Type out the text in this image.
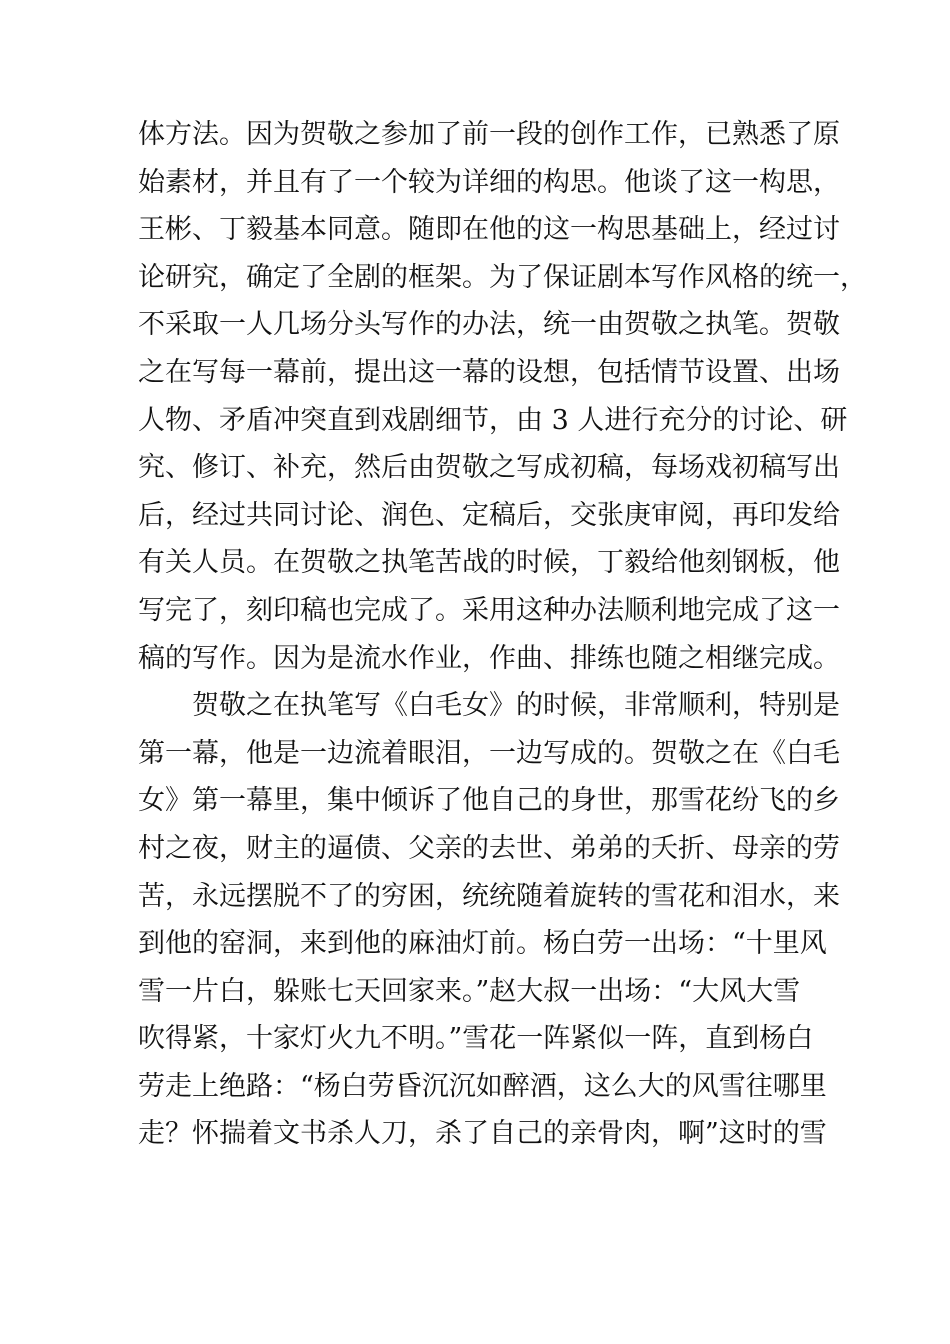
体方法。因为贺敬之参加了前一段的创作工作，已熟悉了原
始素材，并且有了一个较为详细的构思。他谈了这一构思，
王彬、丁毅基本同意。随即在他的这一构思基础上，经过讨
论研究，确定了全剧的框架。为了保证剧本写作风格的统一，
不采取一人几场分头写作的办法，统一由贺敬之执笔。贺敬
之在写每一幕前，提出这一幕的设想，包括情节设置、出场
人物、矛盾冲突直到戏剧细节，由 3 人进行充分的讨论、研
究、修订、补充，然后由贺敬之写成初稿，每场戏初稿写出
后，经过共同讨论、润色、定稿后，交张庚审阅，再印发给
有关人员。在贺敬之执笔苦战的时候，丁毅给他刻钢板，他
写完了，刻印稿也完成了。采用这种办法顺利地完成了这一
稿的写作。因为是流水作业，作曲、排练也随之相继完成。
贺敬之在执笔写《白毛女》的时候，非常顺利，特别是
第一幕，他是一边流着眼泪，一边写成的。贺敬之在《白毛
女》第一幕里，集中倾诉了他自己的身世，那雪花纷飞的乡
村之夜，财主的逼债、父亲的去世、弟弟的夭折、母亲的劳
苦，永远摆脱不了的穷困，统统随着旋转的雪花和泪水，来
到他的窑洞，来到他的麻油灯前。杨白劳一出场：“十里风
雪一片白，躲账七天回家来。”赵大叔一出场：“大风大雪
吹得紧，十家灯火九不明。”雪花一阵紧似一阵，直到杨白
劳走上绝路：“杨白劳昏沉沉如醉酒，这么大的风雪往哪里
走？怀揣着文书杀人刀，杀了自己的亲骨肉，啊”这时的雪
